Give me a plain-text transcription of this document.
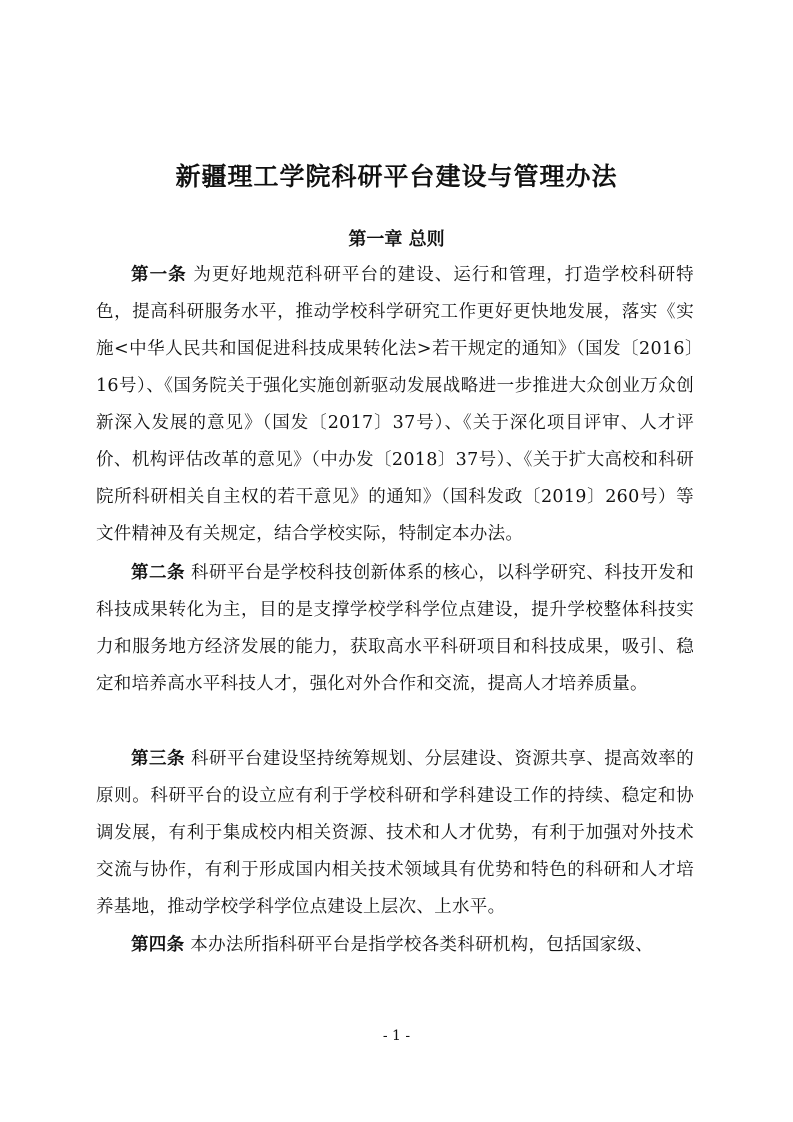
新疆理工学院科研平台建设与管理办法
第一章 总则

第一条 为更好地规范科研平台的建设、运行和管理，打造学校科研特色，提高科研服务水平，推动学校科学研究工作更好更快地发展，落实《实施<中华人民共和国促进科技成果转化法>若干规定的通知》（国发〔2016〕16号）、《国务院关于强化实施创新驱动发展战略进一步推进大众创业万众创新深入发展的意见》（国发〔2017〕37号）、《关于深化项目评审、人才评价、机构评估改革的意见》（中办发〔2018〕37号）、《关于扩大高校和科研院所科研相关自主权的若干意见》的通知》（国科发政〔2019〕260号）等文件精神及有关规定，结合学校实际，特制定本办法。

第二条 科研平台是学校科技创新体系的核心，以科学研究、科技开发和科技成果转化为主，目的是支撑学校学科学位点建设，提升学校整体科技实力和服务地方经济发展的能力，获取高水平科研项目和科技成果，吸引、稳定和培养高水平科技人才，强化对外合作和交流，提高人才培养质量。

第三条 科研平台建设坚持统筹规划、分层建设、资源共享、提高效率的原则。科研平台的设立应有利于学校科研和学科建设工作的持续、稳定和协调发展，有利于集成校内相关资源、技术和人才优势，有利于加强对外技术交流与协作，有利于形成国内相关技术领域具有优势和特色的科研和人才培养基地，推动学校学科学位点建设上层次、上水平。

第四条 本办法所指科研平台是指学校各类科研机构，包括国家级、

- 1 -
